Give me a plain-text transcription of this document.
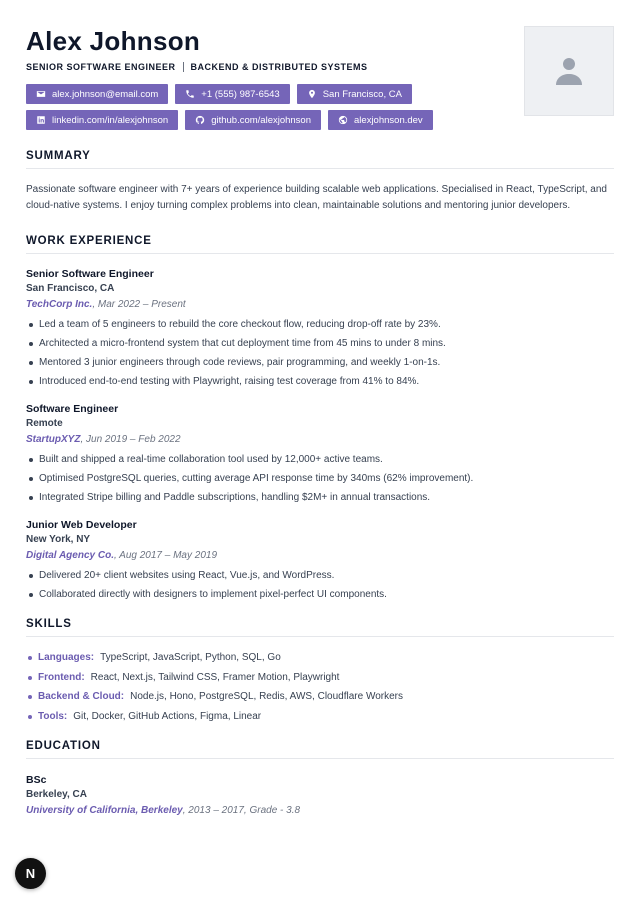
Alex Johnson
SENIOR SOFTWARE ENGINEER BACKEND & DISTRIBUTED SYSTEMS
alex.johnson@email.com	+1 (555) 987-6543	San Francisco, CA
linkedin.com/in/alexjohnson	github.com/alexjohnson	alexjohnson.dev
SUMMARY

Passionate software engineer with 7+ years of experience building scalable web applications. Specialised in React, TypeScript, and cloud-native systems. I enjoy turning complex problems into clean, maintainable solutions and mentoring junior developers.

WORK EXPERIENCE
Senior Software Engineer
San Francisco, CA
TechCorp Inc., Mar 2022 – Present
Led a team of 5 engineers to rebuild the core checkout flow, reducing drop-off rate by 23%.
Architected a micro-frontend system that cut deployment time from 45 mins to under 8 mins.
Mentored 3 junior engineers through code reviews, pair programming, and weekly 1-on-1s.
Introduced end-to-end testing with Playwright, raising test coverage from 41% to 84%.
Software Engineer
Remote
StartupXYZ, Jun 2019 – Feb 2022
Built and shipped a real-time collaboration tool used by 12,000+ active teams.
Optimised PostgreSQL queries, cutting average API response time by 340ms (62% improvement).
Integrated Stripe billing and Paddle subscriptions, handling $2M+ in annual transactions.
Junior Web Developer
New York, NY
Digital Agency Co., Aug 2017 – May 2019
Delivered 20+ client websites using React, Vue.js, and WordPress.
Collaborated directly with designers to implement pixel-perfect UI components.
SKILLS
Languages: TypeScript, JavaScript, Python, SQL, Go
Frontend: React, Next.js, Tailwind CSS, Framer Motion, Playwright
Backend & Cloud: Node.js, Hono, PostgreSQL, Redis, AWS, Cloudflare Workers
Tools: Git, Docker, GitHub Actions, Figma, Linear
EDUCATION
BSc
Berkeley, CA
University of California, Berkeley, 2013 – 2017, Grade - 3.8
N
